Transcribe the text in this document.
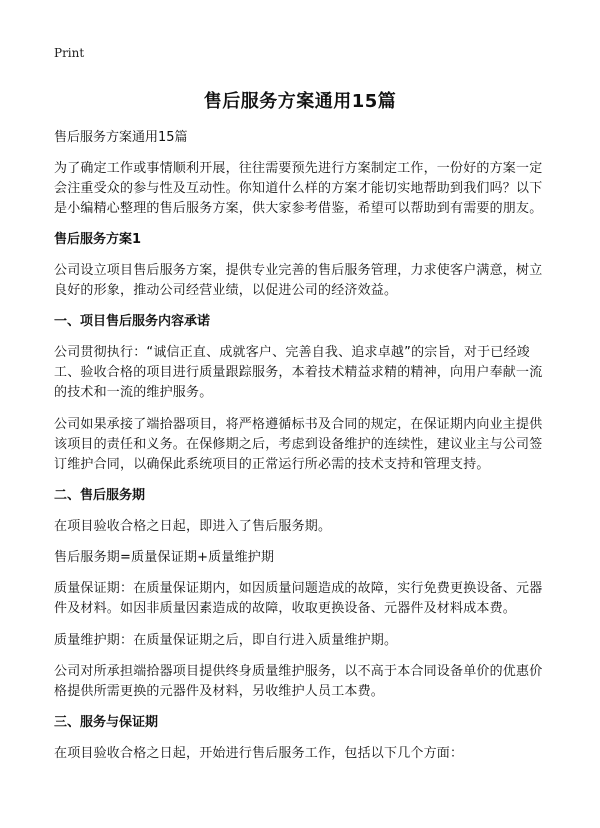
Print
售后服务方案通用15篇
售后服务方案通用15篇
为了确定工作或事情顺利开展，往往需要预先进行方案制定工作，一份好的方案一定会注重受众的参与性及互动性。你知道什么样的方案才能切实地帮助到我们吗？以下是小编精心整理的售后服务方案，供大家参考借鉴，希望可以帮助到有需要的朋友。
售后服务方案1
公司设立项目售后服务方案，提供专业完善的售后服务管理，力求使客户满意，树立良好的形象，推动公司经营业绩，以促进公司的经济效益。
一、项目售后服务内容承诺
公司贯彻执行：“诚信正直、成就客户、完善自我、追求卓越”的宗旨，对于已经竣工、验收合格的项目进行质量跟踪服务，本着技术精益求精的精神，向用户奉献一流的技术和一流的维护服务。
公司如果承接了端拾器项目，将严格遵循标书及合同的规定，在保证期内向业主提供该项目的责任和义务。在保修期之后，考虑到设备维护的连续性，建议业主与公司签订维护合同，以确保此系统项目的正常运行所必需的技术支持和管理支持。
二、售后服务期
在项目验收合格之日起，即进入了售后服务期。
售后服务期=质量保证期+质量维护期
质量保证期：在质量保证期内，如因质量问题造成的故障，实行免费更换设备、元器件及材料。如因非质量因素造成的故障，收取更换设备、元器件及材料成本费。
质量维护期：在质量保证期之后，即自行进入质量维护期。
公司对所承担端拾器项目提供终身质量维护服务，以不高于本合同设备单价的优惠价格提供所需更换的元器件及材料，另收维护人员工本费。
三、服务与保证期
在项目验收合格之日起，开始进行售后服务工作，包括以下几个方面：
